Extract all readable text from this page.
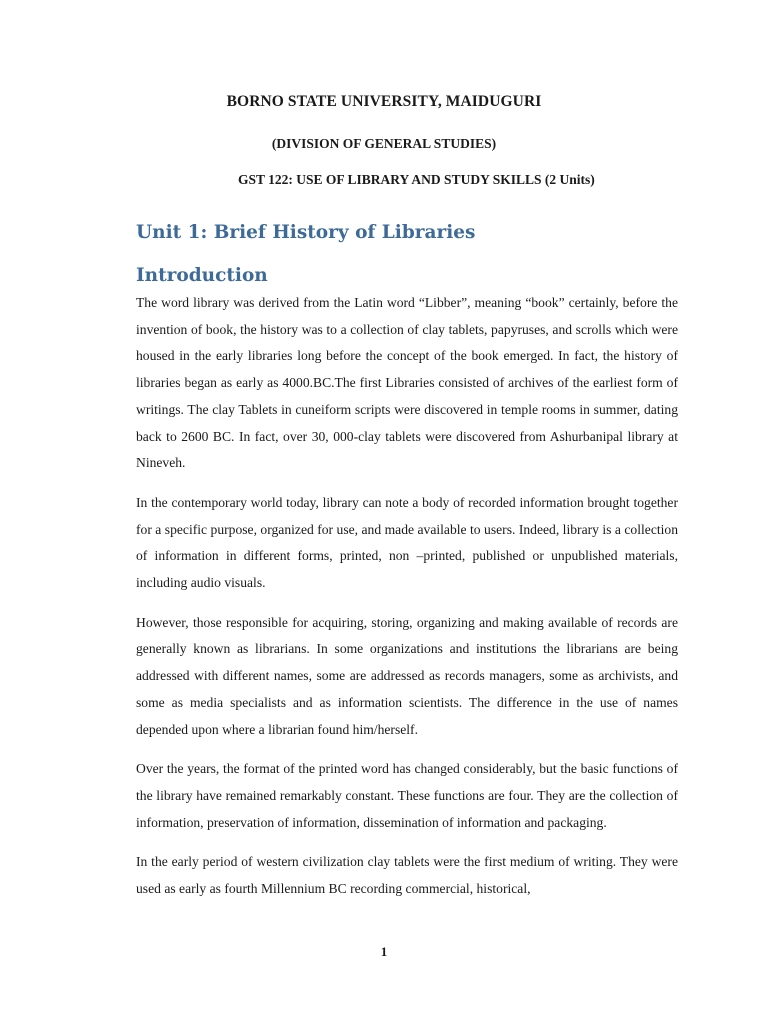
BORNO STATE UNIVERSITY, MAIDUGURI
(DIVISION OF GENERAL STUDIES)
GST 122: USE OF LIBRARY AND STUDY SKILLS (2 Units)
Unit 1: Brief History of Libraries
Introduction

The word library was derived from the Latin word “Libber”, meaning “book” certainly, before the invention of book, the history was to a collection of clay tablets, papyruses, and scrolls which were housed in the early libraries long before the concept of the book emerged. In fact, the history of libraries began as early as 4000.BC.The first Libraries consisted of archives of the earliest form of writings. The clay Tablets in cuneiform scripts were discovered in temple rooms in summer, dating back to 2600 BC. In fact, over 30, 000-clay tablets were discovered from Ashurbanipal library at Nineveh.

In the contemporary world today, library can note a body of recorded information brought together for a specific purpose, organized for use, and made available to users. Indeed, library is a collection of information in different forms, printed, non –printed, published or unpublished materials, including audio visuals.

However, those responsible for acquiring, storing, organizing and making available of records are generally known as librarians. In some organizations and institutions the librarians are being addressed with different names, some are addressed as records managers, some as archivists, and some as media specialists and as information scientists. The difference in the use of names depended upon where a librarian found him/herself.

Over the years, the format of the printed word has changed considerably, but the basic functions of the library have remained remarkably constant. These functions are four. They are the collection of information, preservation of information, dissemination of information and packaging.

In the early period of western civilization clay tablets were the first medium of writing. They were used as early as fourth Millennium BC recording commercial, historical,

1
